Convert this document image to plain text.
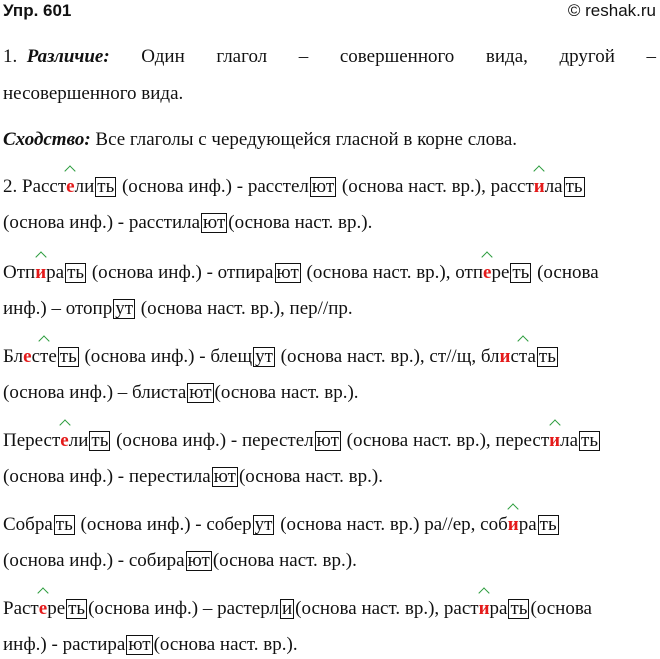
Упр. 601	© reshak.ru
1. Различие: Один глагол – совершенного вида, другой –
несовершенного вида.
Сходство: Все глаголы с чередующейся гласной в корне слова.
2. Расстели ть (основа инф.) - расстел ют (основа наст. вр.), расстила ть
(основа инф.) - расстила ют (основа наст. вр.).
Отпира ть (основа инф.) - отпира ют (основа наст. вр.), отпере ть (основа
инф.) – отопр ут (основа наст. вр.), пер//пр.
Блесте ть (основа инф.) - блещ ут (основа наст. вр.), ст//щ, блиста ть
(основа инф.) – блиста ют (основа наст. вр.).
Перестели ть (основа инф.) - перестел ют (основа наст. вр.), перестила ть
(основа инф.) - перестила ют (основа наст. вр.).
Собра ть (основа инф.) - собер ут (основа наст. вр.) ра//ер, собира ть
(основа инф.) - собира ют (основа наст. вр.).
Растере ть (основа инф.) – растерл и (основа наст. вр.), растира ть (основа
инф.) - растира ют (основа наст. вр.).
